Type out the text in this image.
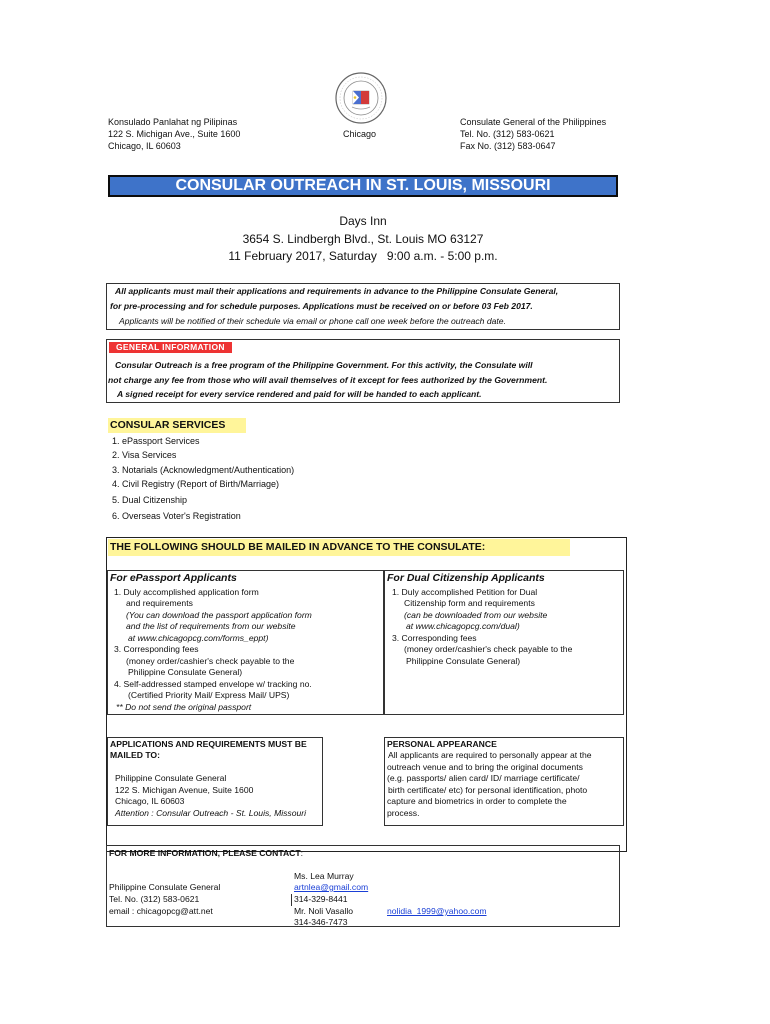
Konsulado Panlahat ng Pilipinas
122 S. Michigan Ave., Suite 1600
Chicago, IL 60603
Chicago
Consulate General of the Philippines
Tel. No. (312) 583-0621
Fax No. (312) 583-0647
CONSULAR OUTREACH IN ST. LOUIS, MISSOURI
Days Inn
3654 S. Lindbergh Blvd., St. Louis MO 63127
11 February 2017, Saturday   9:00 a.m. - 5:00 p.m.
All applicants must mail their applications and requirements in advance to the Philippine Consulate General,
for pre-processing and for schedule purposes. Applications must be received on or before 03 Feb 2017.
Applicants will be notified of their schedule via email or phone call one week before the outreach date.
GENERAL INFORMATION
Consular Outreach is a free program of the Philippine Government. For this activity, the Consulate will
not charge any fee from those who will avail themselves of it except for fees authorized by the Government.
A signed receipt for every service rendered and paid for will be handed to each applicant.
CONSULAR SERVICES
1. ePassport Services
2. Visa Services
3. Notarials (Acknowledgment/Authentication)
4. Civil Registry (Report of Birth/Marriage)
5. Dual Citizenship
6. Overseas Voter's Registration
THE FOLLOWING SHOULD BE MAILED IN ADVANCE TO THE CONSULATE:
For ePassport Applicants
1. Duly accomplished application form
and requirements
(You can download the passport application form
and the list of requirements from our website
at www.chicagopcg.com/forms_eppt)
3. Corresponding fees
(money order/cashier's check payable to the
Philippine Consulate General)
4. Self-addressed stamped envelope w/ tracking no.
(Certified Priority Mail/ Express Mail/ UPS)
** Do not send the original passport
For Dual Citizenship Applicants
1. Duly accomplished Petition for Dual
Citizenship form and requirements
(can be downloaded from our website
at www.chicagopcg.com/dual)
3. Corresponding fees
(money order/cashier's check payable to the
Philippine Consulate General)
APPLICATIONS AND REQUIREMENTS MUST BE
MAILED TO:
Philippine Consulate General
122 S. Michigan Avenue, Suite 1600
Chicago, IL 60603
Attention : Consular Outreach - St. Louis, Missouri
PERSONAL APPEARANCE
All applicants are required to personally appear at the
outreach venue and to bring the original documents
(e.g. passports/ alien card/ ID/ marriage certificate/
birth certificate/ etc) for personal identification, photo
capture and biometrics in order to complete the
process.
FOR MORE INFORMATION, PLEASE CONTACT:
Philippine Consulate General
Tel. No. (312) 583-0621
email : chicagopcg@att.net
Ms. Lea Murray
artnlea@gmail.com
314-329-8441
Mr. Noli Vasallo	nolidia_1999@yahoo.com
314-346-7473
